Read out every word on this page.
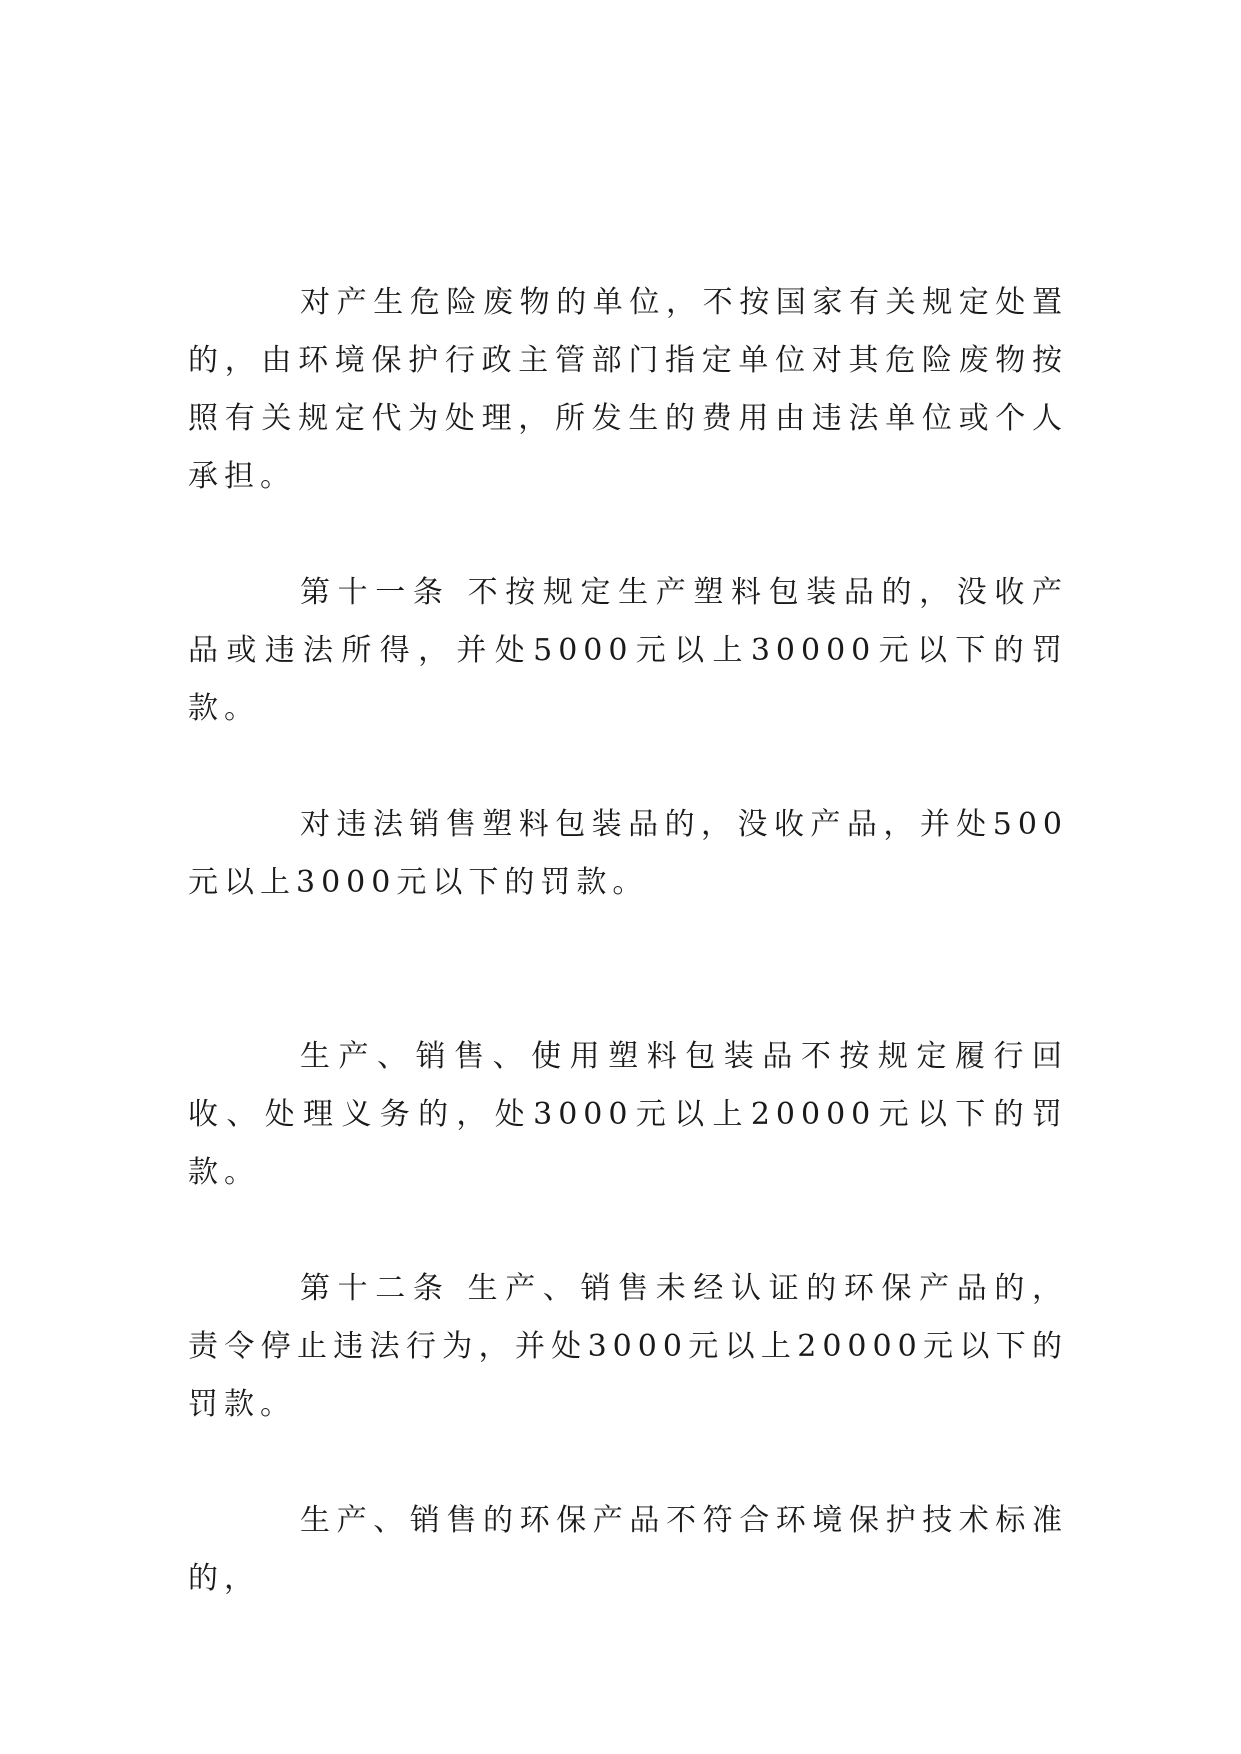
对产生危险废物的单位，不按国家有关规定处置的，由环境保护行政主管部门指定单位对其危险废物按照有关规定代为处理，所发生的费用由违法单位或个人承担。

第十一条 不按规定生产塑料包装品的，没收产品或违法所得，并处5000元以上30000元以下的罚款。

对违法销售塑料包装品的，没收产品，并处500元以上3000元以下的罚款。

生产、销售、使用塑料包装品不按规定履行回收、处理义务的，处3000元以上20000元以下的罚款。

第十二条 生产、销售未经认证的环保产品的，责令停止违法行为，并处3000元以上20000元以下的罚款。

生产、销售的环保产品不符合环境保护技术标准的，
